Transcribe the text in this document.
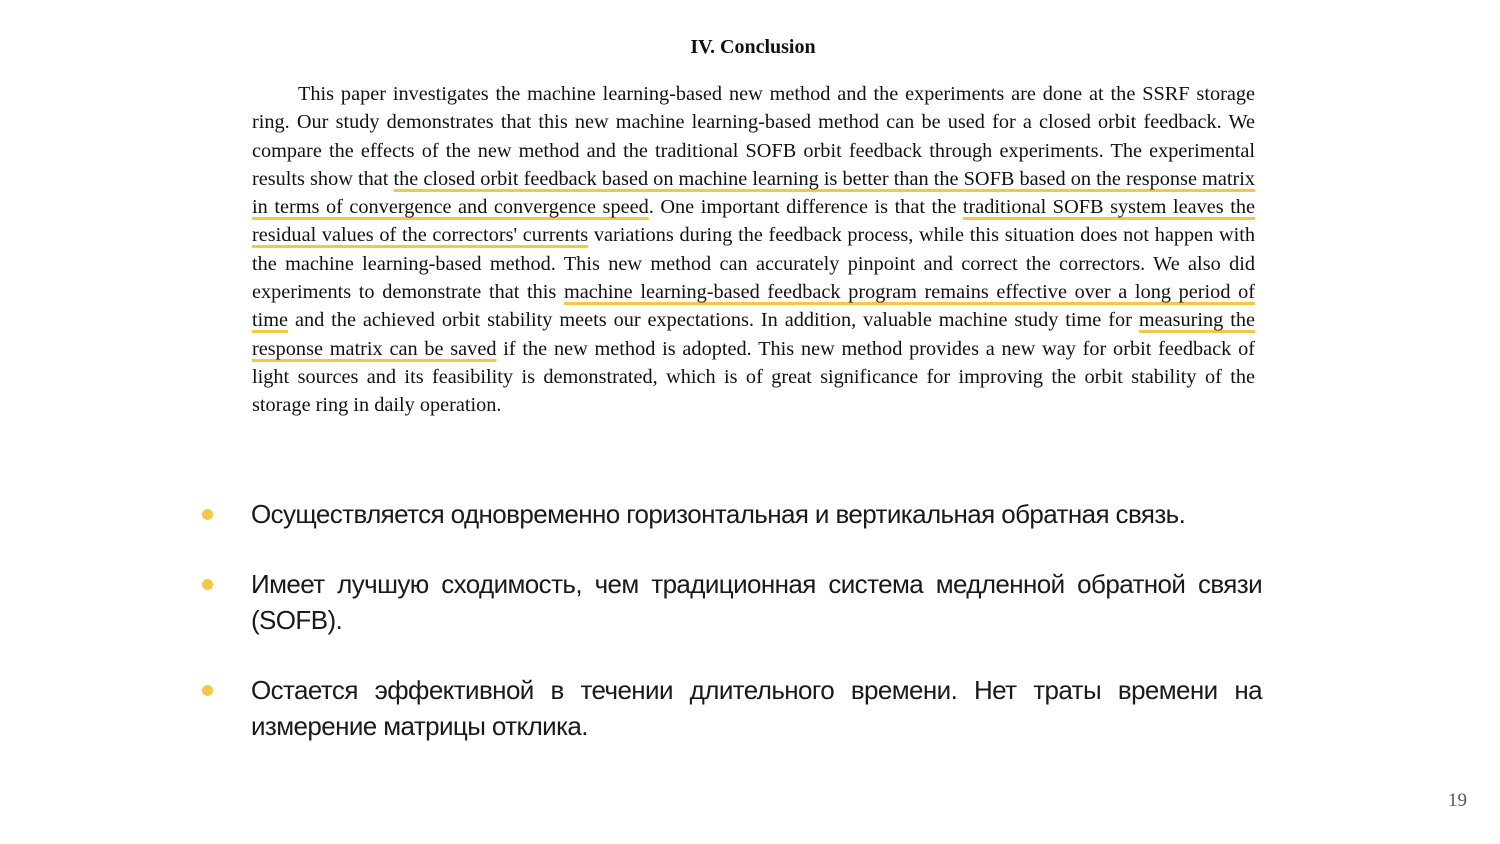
IV. Conclusion

This paper investigates the machine learning-based new method and the experiments are done at the SSRF storage ring. Our study demonstrates that this new machine learning-based method can be used for a closed orbit feedback. We compare the effects of the new method and the traditional SOFB orbit feedback through experiments. The experimental results show that the closed orbit feedback based on machine learning is better than the SOFB based on the response matrix in terms of convergence and convergence speed. One important difference is that the traditional SOFB system leaves the residual values of the correctors' currents variations during the feedback process, while this situation does not happen with the machine learning-based method. This new method can accurately pinpoint and correct the correctors. We also did experiments to demonstrate that this machine learning-based feedback program remains effective over a long period of time and the achieved orbit stability meets our expectations. In addition, valuable machine study time for measuring the response matrix can be saved if the new method is adopted. This new method provides a new way for orbit feedback of light sources and its feasibility is demonstrated, which is of great significance for improving the orbit stability of the storage ring in daily operation.

Осуществляется одновременно горизонтальная и вертикальная обратная связь.
Имеет лучшую сходимость, чем традиционная система медленной обратной связи (SOFB).
Остается эффективной в течении длительного времени. Нет траты времени на измерение матрицы отклика.
19
